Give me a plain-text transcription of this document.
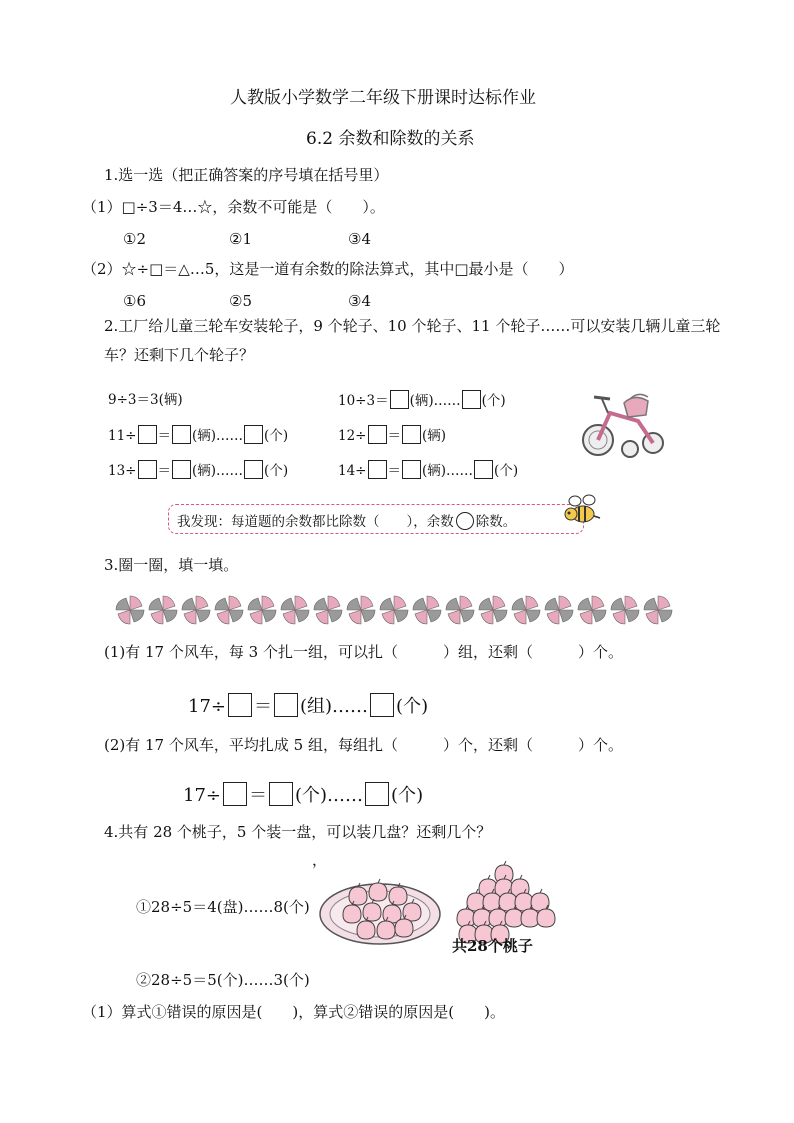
人教版小学数学二年级下册课时达标作业
6.2 余数和除数的关系
1.选一选（把正确答案的序号填在括号里）
（1）□÷3＝4…☆，余数不可能是（　　）。
①2	②1	③4
（2）☆÷□＝△…5，这是一道有余数的除法算式，其中□最小是（　　）
①6	②5	③4
2.工厂给儿童三轮车安装轮子，9 个轮子、10 个轮子、11 个轮子……可以安装几辆儿童三轮
车？还剩下几个轮子？
9÷3＝3(辆)	10÷3＝ (辆)…… (个)
11÷ ＝ (辆)…… (个)	12÷ ＝ (辆)
13÷ ＝ (辆)…… (个)	14÷ ＝ (辆)…… (个)
我发现：每道题的余数都比除数（　　），余数 除数。
3.圈一圈，填一填。
(1)有 17 个风车，每 3 个扎一组，可以扎（　　　）组，还剩（　　　）个。
17÷ ＝ (组)…… (个)
(2)有 17 个风车，平均扎成 5 组，每组扎（　　　）个，还剩（　　　）个。
17÷ ＝ (个)…… (个)
4.共有 28 个桃子，5 个装一盘，可以装几盘？还剩几个？
，
①28÷5＝4(盘)……8(个)
共28个桃子
②28÷5＝5(个)……3(个)
（1）算式①错误的原因是(　　)，算式②错误的原因是(　　)。
